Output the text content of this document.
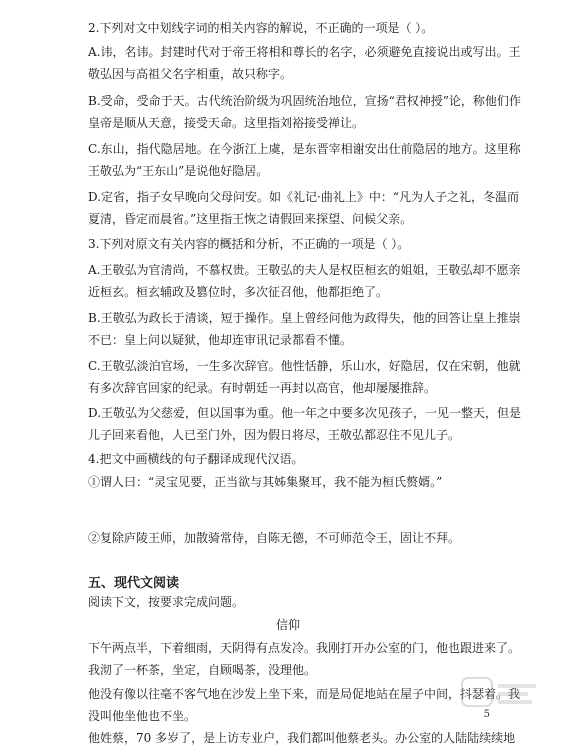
2.下列对文中划线字词的相关内容的解说，不正确的一项是（ ）。
A.讳，名讳。封建时代对于帝王将相和尊长的名字，必须避免直接说出或写出。王
敬弘因与高祖父名字相重，故只称字。
B.受命，受命于天。古代统治阶级为巩固统治地位，宣扬“君权神授”论，称他们作
皇帝是顺从天意，接受天命。这里指刘裕接受禅让。
C.东山，指代隐居地。在今浙江上虞，是东晋宰相谢安出仕前隐居的地方。这里称
王敬弘为“王东山”是说他好隐居。
D.定省，指子女早晚向父母问安。如《礼记·曲礼上》中：“凡为人子之礼，冬温而
夏清，昏定而晨省。”这里指王恢之请假回来探望、问候父亲。
3.下列对原文有关内容的概括和分析，不正确的一项是（ ）。
A.王敬弘为官清尚，不慕权贵。王敬弘的夫人是权臣桓玄的姐姐，王敬弘却不愿亲
近桓玄。桓玄辅政及篡位时，多次征召他，他都拒绝了。
B.王敬弘为政长于清谈，短于操作。皇上曾经问他为政得失，他的回答让皇上推崇
不已：皇上问以疑狱，他却连审讯记录都看不懂。
C.王敬弘淡泊官场，一生多次辞官。他性恬静，乐山水，好隐居，仅在宋朝，他就
有多次辞官回家的纪录。有时朝廷一再封以高官，他却屡屡推辞。
D.王敬弘为父慈爱，但以国事为重。他一年之中要多次见孩子，一见一整天，但是
儿子回来看他，人已至门外，因为假日将尽，王敬弘都忍住不见儿子。
4.把文中画横线的句子翻译成现代汉语。
①谓人曰：“灵宝见要，正当欲与其姊集聚耳，我不能为桓氏赘婿。”
②复除庐陵王师，加散骑常侍，自陈无德，不可师范令王，固让不拜。
五、现代文阅读
阅读下文，按要求完成问题。
信仰
下午两点半，下着细雨，天阴得有点发冷。我刚打开办公室的门，他也跟进来了。
我沏了一杯茶，坐定，自顾喝茶，没理他。
他没有像以往毫不客气地在沙发上坐下来，而是局促地站在屋子中间，抖瑟着。我
没叫他坐他也不坐。
他姓蔡，70 多岁了，是上访专业户，我们都叫他蔡老头。办公室的人陆陆续续地
5
